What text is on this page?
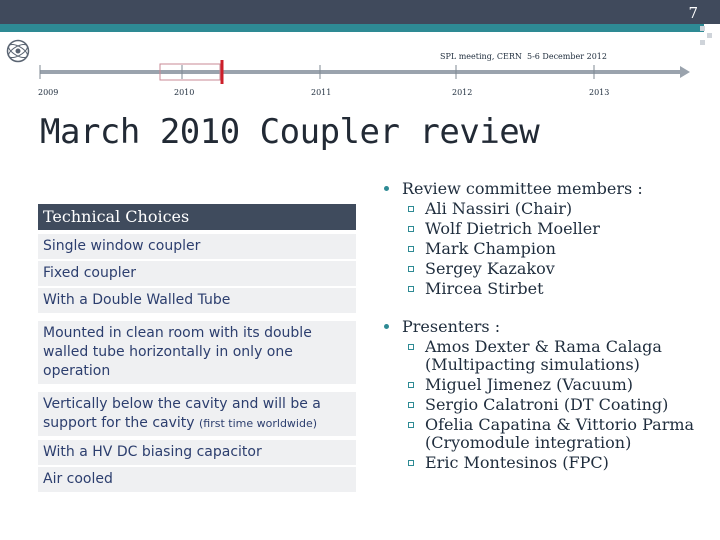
7
SPL meeting, CERN 5-6 December 2012
2009	2010	2011	2012	2013
March 2010 Coupler review
Technical Choices
Single window coupler
Fixed coupler
With a Double Walled Tube
Mounted in clean room with its double walled tube horizontally in only one operation
Vertically below the cavity and will be a support for the cavity (first time worldwide)
With a HV DC biasing capacitor
Air cooled
Review committee members :
Ali Nassiri (Chair)
Wolf Dietrich Moeller
Mark Champion
Sergey Kazakov
Mircea Stirbet
Presenters :
Amos Dexter & Rama Calaga (Multipacting simulations)
Miguel Jimenez (Vacuum)
Sergio Calatroni (DT Coating)
Ofelia Capatina & Vittorio Parma (Cryomodule integration)
Eric Montesinos (FPC)
